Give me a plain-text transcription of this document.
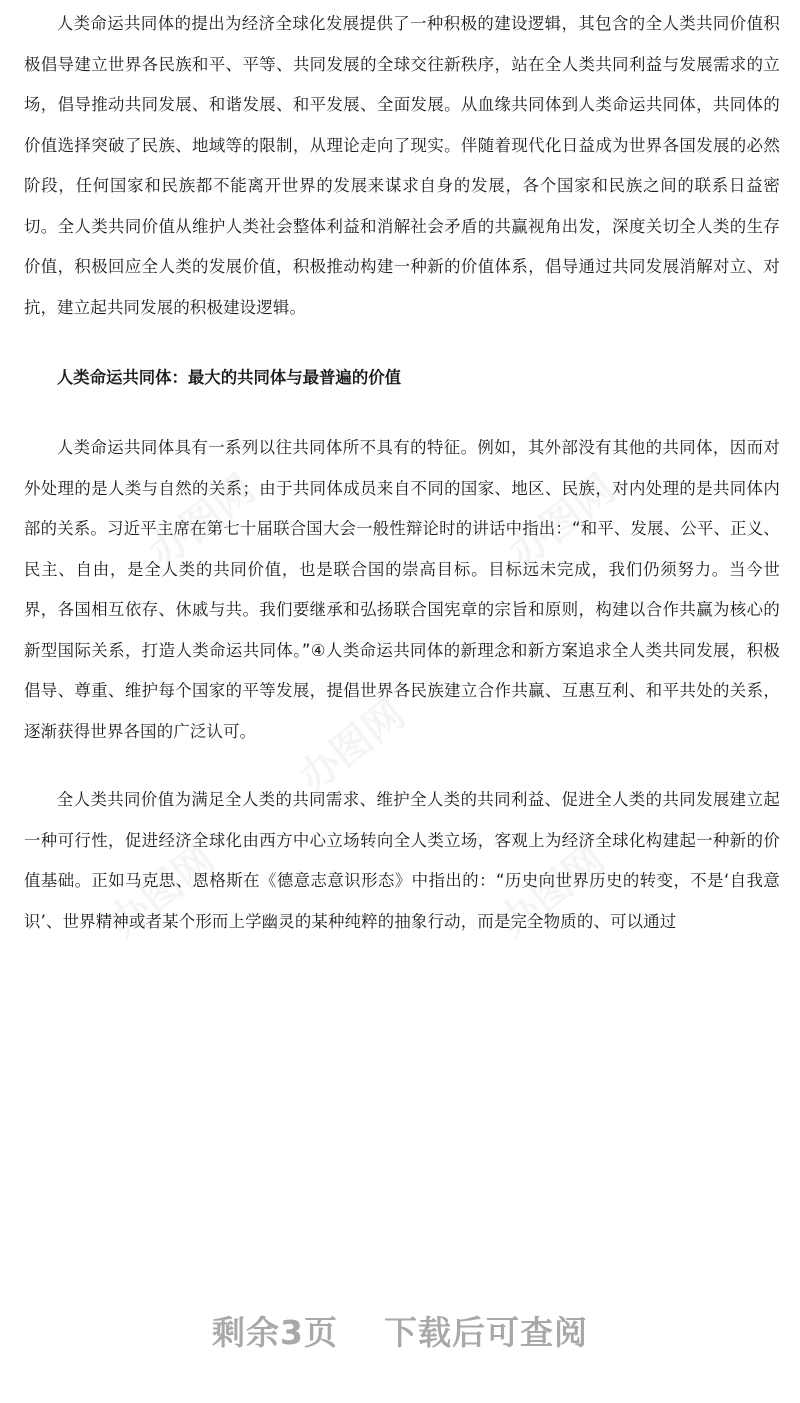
人类命运共同体的提出为经济全球化发展提供了一种积极的建设逻辑，其包含的全人类共同价值积极倡导建立世界各民族和平、平等、共同发展的全球交往新秩序，站在全人类共同利益与发展需求的立场，倡导推动共同发展、和谐发展、和平发展、全面发展。从血缘共同体到人类命运共同体，共同体的价值选择突破了民族、地域等的限制，从理论走向了现实。伴随着现代化日益成为世界各国发展的必然阶段，任何国家和民族都不能离开世界的发展来谋求自身的发展，各个国家和民族之间的联系日益密切。全人类共同价值从维护人类社会整体利益和消解社会矛盾的共赢视角出发，深度关切全人类的生存价值，积极回应全人类的发展价值，积极推动构建一种新的价值体系，倡导通过共同发展消解对立、对抗，建立起共同发展的积极建设逻辑。

人类命运共同体：最大的共同体与最普遍的价值

人类命运共同体具有一系列以往共同体所不具有的特征。例如，其外部没有其他的共同体，因而对外处理的是人类与自然的关系；由于共同体成员来自不同的国家、地区、民族，对内处理的是共同体内部的关系。习近平主席在第七十届联合国大会一般性辩论时的讲话中指出：“和平、发展、公平、正义、民主、自由，是全人类的共同价值，也是联合国的崇高目标。目标远未完成，我们仍须努力。当今世界，各国相互依存、休戚与共。我们要继承和弘扬联合国宪章的宗旨和原则，构建以合作共赢为核心的新型国际关系，打造人类命运共同体。”④人类命运共同体的新理念和新方案追求全人类共同发展，积极倡导、尊重、维护每个国家的平等发展，提倡世界各民族建立合作共赢、互惠互利、和平共处的关系，逐渐获得世界各国的广泛认可。

全人类共同价值为满足全人类的共同需求、维护全人类的共同利益、促进全人类的共同发展建立起一种可行性，促进经济全球化由西方中心立场转向全人类立场，客观上为经济全球化构建起一种新的价值基础。正如马克思、恩格斯在《德意志意识形态》中指出的：“历史向世界历史的转变，不是‘自我意识’、世界精神或者某个形而上学幽灵的某种纯粹的抽象行动，而是完全物质的、可以通过

剩余3页 下载后可查阅
